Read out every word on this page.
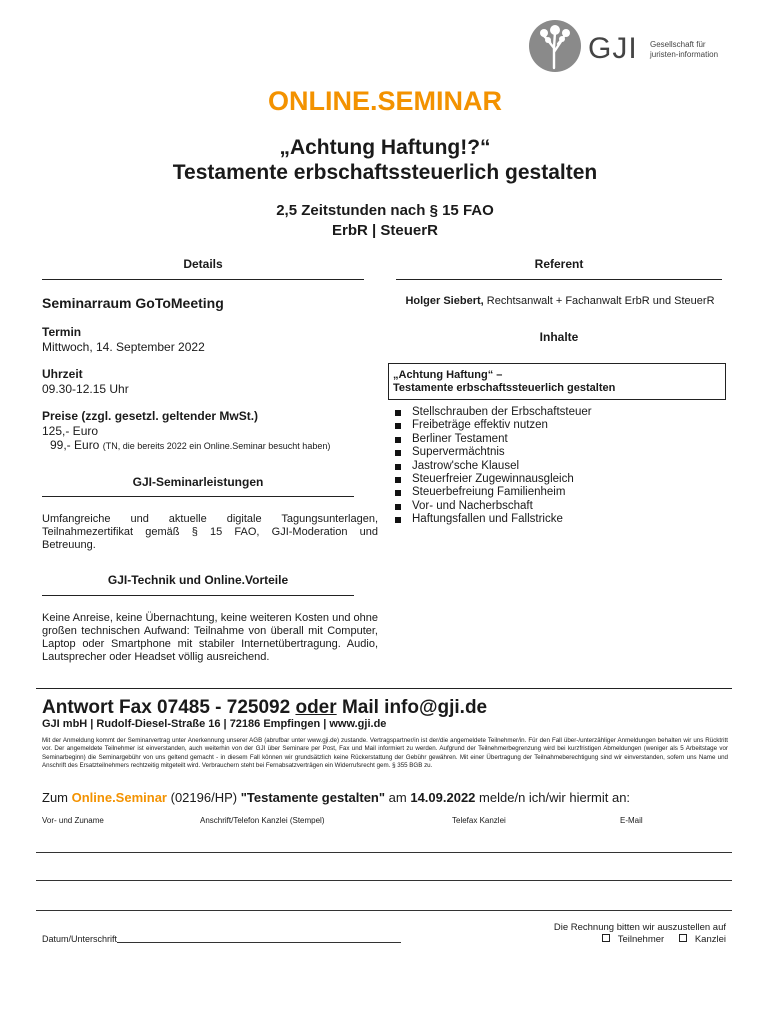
GJI Gesellschaft für
juristen-information
ONLINE.SEMINAR
„Achtung Haftung!?“
Testamente erbschaftssteuerlich gestalten
2,5 Zeitstunden nach § 15 FAO
ErbR | SteuerR
Details
Seminarraum GoToMeeting
Termin
Mittwoch, 14. September 2022
Uhrzeit
09.30-12.15 Uhr
Preise (zzgl. gesetzl. geltender MwSt.)
125,- Euro
99,- Euro (TN, die bereits 2022 ein Online.Seminar besucht haben)
GJI-Seminarleistungen
Umfangreiche und aktuelle digitale Tagungsunterlagen, Teilnahmezertifikat gemäß § 15 FAO, GJI-Moderation und Betreuung.
GJI-Technik und Online.Vorteile
Keine Anreise, keine Übernachtung, keine weiteren Kosten und ohne großen technischen Aufwand: Teilnahme von überall mit Computer, Laptop oder Smartphone mit stabiler Internetübertragung. Audio, Lautsprecher oder Headset völlig ausreichend.
Referent
Holger Siebert, Rechtsanwalt + Fachanwalt ErbR und SteuerR
Inhalte
„Achtung Haftung“ –
Testamente erbschaftssteuerlich gestalten
Stellschrauben der Erbschaftsteuer
Freibeträge effektiv nutzen
Berliner Testament
Supervermächtnis
Jastrow'sche Klausel
Steuerfreier Zugewinnausgleich
Steuerbefreiung Familienheim
Vor- und Nacherbschaft
Haftungsfallen und Fallstricke
Antwort Fax 07485 - 725092 oder Mail info@gji.de
GJI mbH | Rudolf-Diesel-Straße 16 | 72186 Empfingen | www.gji.de
Mit der Anmeldung kommt der Seminarvertrag unter Anerkennung unserer AGB (abrufbar unter www.gji.de) zustande. Vertragspartner/in ist der/die angemeldete Teilnehmer/in. Für den Fall über-/unterzähliger Anmeldungen behalten wir uns Rücktritt vor. Der angemeldete Teilnehmer ist einverstanden, auch weiterhin von der GJI über Seminare per Post, Fax und Mail informiert zu werden. Aufgrund der Teilnehmerbegrenzung wird bei kurzfristigen Abmeldungen (weniger als 5 Arbeitstage vor Seminarbeginn) die Seminargebühr von uns geltend gemacht - in diesem Fall können wir grundsätzlich keine Rückerstattung der Gebühr gewähren. Mit einer Übertragung der Teilnahmeberechtigung sind wir einverstanden, sofern uns Name und Anschrift des Ersatzteilnehmers rechtzeitig mitgeteilt wird. Verbrauchern steht bei Fernabsatzverträgen ein Widerrufsrecht gem. § 355 BGB zu.
Zum Online.Seminar (02196/HP) "Testamente gestalten" am 14.09.2022 melde/n ich/wir hiermit an:
Vor- und Zuname	Anschrift/Telefon Kanzlei (Stempel)	Telefax Kanzlei	E-Mail
Datum/Unterschrift
Die Rechnung bitten wir auszustellen auf
Teilnehmer	Kanzlei
